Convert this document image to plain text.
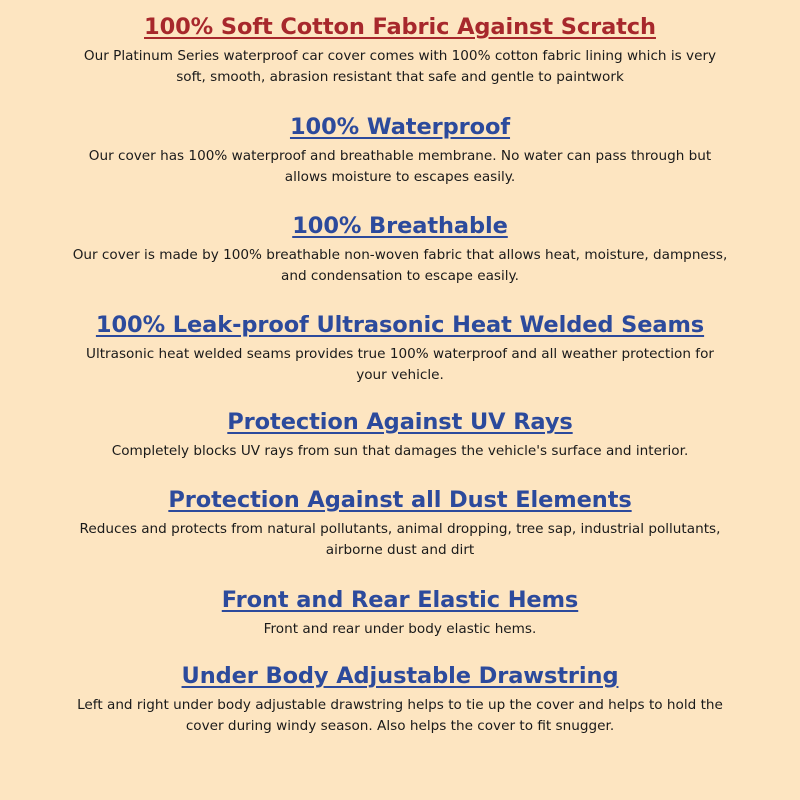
100% Soft Cotton Fabric Against Scratch

Our Platinum Series waterproof car cover comes with 100% cotton fabric lining which is very
soft, smooth, abrasion resistant that safe and gentle to paintwork

100% Waterproof

Our cover has 100% waterproof and breathable membrane. No water can pass through but
allows moisture to escapes easily.

100% Breathable

Our cover is made by 100% breathable non-woven fabric that allows heat, moisture, dampness,
and condensation to escape easily.

100% Leak-proof Ultrasonic Heat Welded Seams

Ultrasonic heat welded seams provides true 100% waterproof and all weather protection for
your vehicle.

Protection Against UV Rays

Completely blocks UV rays from sun that damages the vehicle's surface and interior.

Protection Against all Dust Elements

Reduces and protects from natural pollutants, animal dropping, tree sap, industrial pollutants,
airborne dust and dirt

Front and Rear Elastic Hems

Front and rear under body elastic hems.

Under Body Adjustable Drawstring

Left and right under body adjustable drawstring helps to tie up the cover and helps to hold the
cover during windy season. Also helps the cover to fit snugger.
